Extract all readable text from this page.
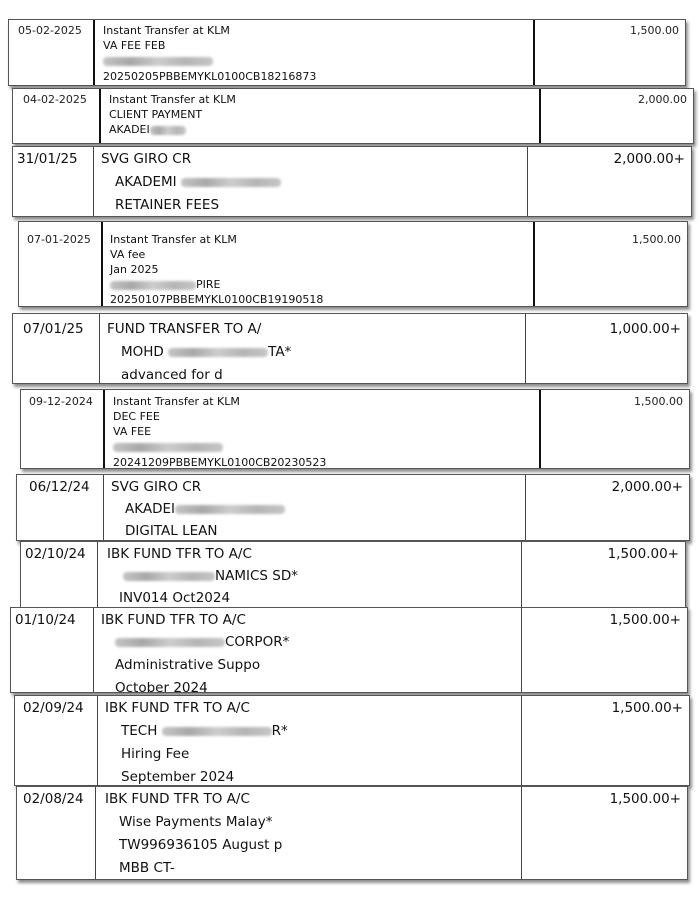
05-02-2025 Instant Transfer at KLM
VA FEE FEB
20250205PBBEMYKL0100CB18216873
1,500.00
04-02-2025 Instant Transfer at KLM
CLIENT PAYMENT
AKADEI
2,000.00
31/01/25 SVG GIRO CR
AKADEMI
RETAINER FEES
2,000.00+
07-01-2025 Instant Transfer at KLM
VA fee
Jan 2025
PIRE
20250107PBBEMYKL0100CB19190518
1,500.00
07/01/25 FUND TRANSFER TO A/
MOHD	TA*
advanced for d
1,000.00+
09-12-2024 Instant Transfer at KLM
DEC FEE
VA FEE
20241209PBBEMYKL0100CB20230523
1,500.00
06/12/24 SVG GIRO CR
AKADEI
DIGITAL LEAN
2,000.00+
02/10/24 IBK FUND TFR TO A/C
NAMICS SD*
INV014 Oct2024
1,500.00+
01/10/24 IBK FUND TFR TO A/C
CORPOR*
Administrative Suppo
October 2024
1,500.00+
02/09/24 IBK FUND TFR TO A/C
TECH	R*
Hiring Fee
September 2024
1,500.00+
02/08/24 IBK FUND TFR TO A/C
Wise Payments Malay*
TW996936105 August p
MBB CT-
1,500.00+
